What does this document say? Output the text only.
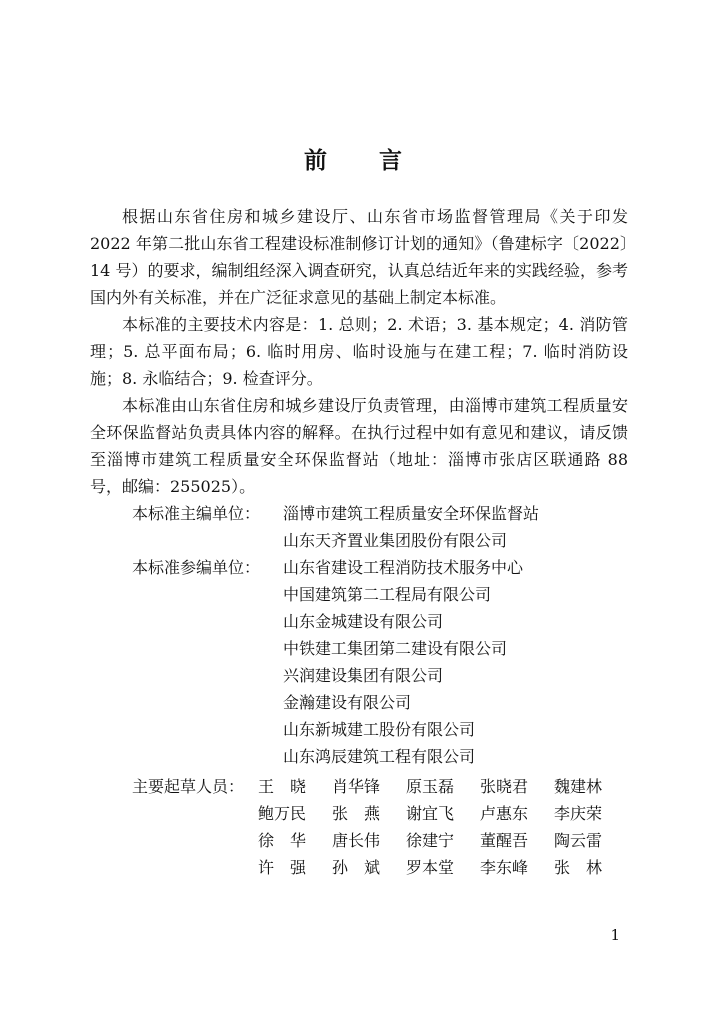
前 言

根据山东省住房和城乡建设厅、山东省市场监督管理局《关于印发 2022 年第二批山东省工程建设标准制修订计划的通知》（鲁建标字〔2022〕14 号）的要求，编制组经深入调查研究，认真总结近年来的实践经验，参考国内外有关标准，并在广泛征求意见的基础上制定本标准。

本标准的主要技术内容是：1. 总则；2. 术语；3. 基本规定；4. 消防管理；5. 总平面布局；6. 临时用房、临时设施与在建工程；7. 临时消防设施；8. 永临结合；9. 检查评分。

本标准由山东省住房和城乡建设厅负责管理，由淄博市建筑工程质量安全环保监督站负责具体内容的解释。在执行过程中如有意见和建议，请反馈至淄博市建筑工程质量安全环保监督站（地址：淄博市张店区联通路 88 号，邮编：255025）。

本标准主编单位：	淄博市建筑工程质量安全环保监督站
山东天齐置业集团股份有限公司
本标准参编单位：	山东省建设工程消防技术服务中心
中国建筑第二工程局有限公司
山东金城建设有限公司
中铁建工集团第二建设有限公司
兴润建设集团有限公司
金瀚建设有限公司
山东新城建工股份有限公司
山东鸿辰建筑工程有限公司
主要起草人员： 王　晓	肖华锋	原玉磊	张晓君	魏建林
鲍万民	张　燕	谢宜飞	卢惠东	李庆荣
徐　华	唐长伟	徐建宁	董醒吾	陶云雷
许　强	孙　斌	罗本堂	李东峰	张　林
1
